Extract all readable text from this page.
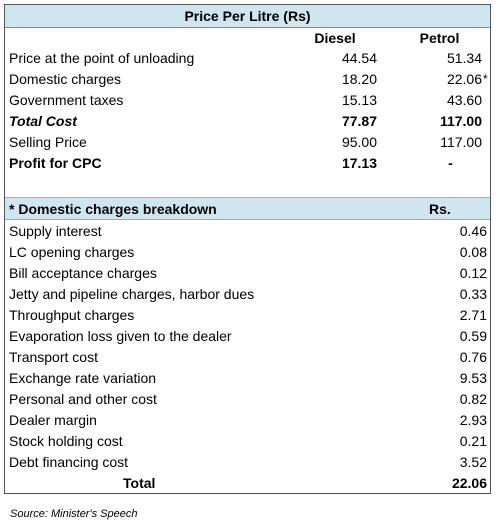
Price Per Litre (Rs)
Diesel	Petrol
Price at the point of unloading	44.54	51.34
Domestic charges	18.20	22.06 *
Government taxes	15.13	43.60
Total Cost	77.87	117.00
Selling Price	95.00	117.00
Profit for CPC	17.13	-
* Domestic charges breakdown	Rs.
Supply interest	0.46
LC opening charges	0.08
Bill acceptance charges	0.12
Jetty and pipeline charges, harbor dues	0.33
Throughput charges	2.71
Evaporation loss given to the dealer	0.59
Transport cost	0.76
Exchange rate variation	9.53
Personal and other cost	0.82
Dealer margin	2.93
Stock holding cost	0.21
Debt financing cost	3.52
Total	22.06
Source: Minister's Speech
